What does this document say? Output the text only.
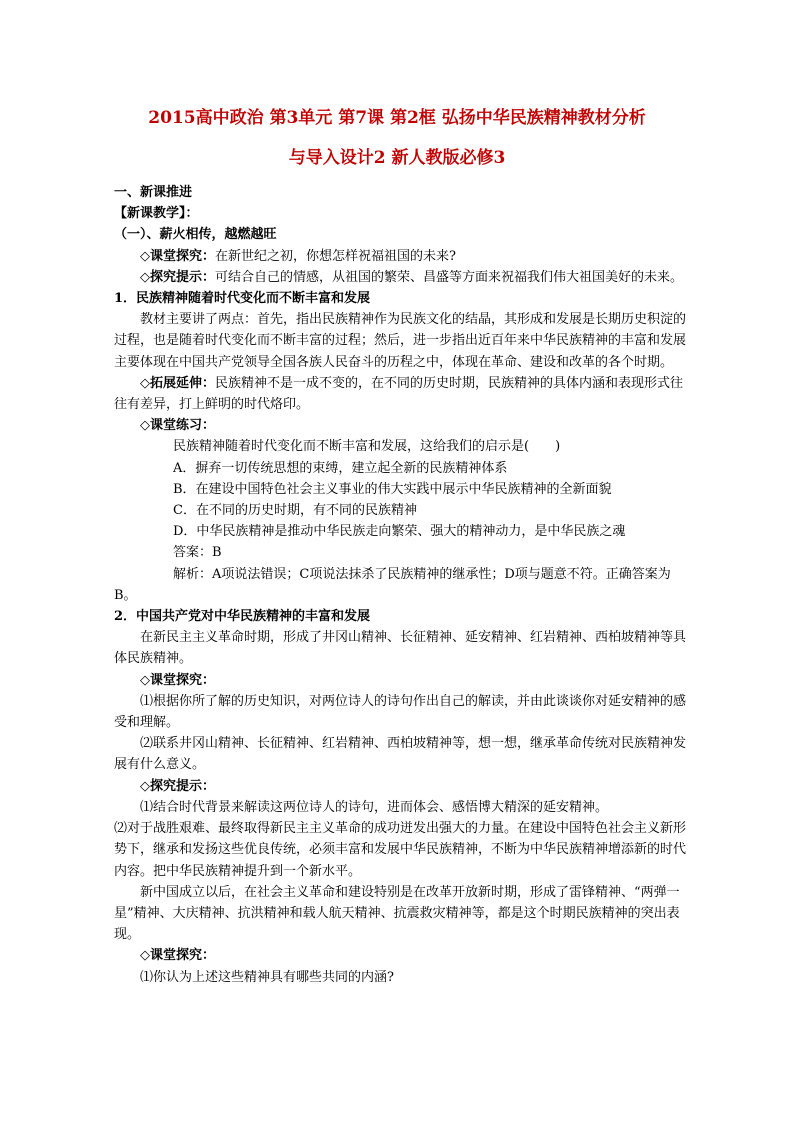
2015高中政治 第3单元 第7课 第2框 弘扬中华民族精神教材分析
与导入设计2 新人教版必修3

一、新课推进

【新课教学】：

（一）、薪火相传，越燃越旺

◇课堂探究：在新世纪之初，你想怎样祝福祖国的未来?

◇探究提示：可结合自己的情感，从祖国的繁荣、昌盛等方面来祝福我们伟大祖国美好的未来。

1．民族精神随着时代变化而不断丰富和发展

教材主要讲了两点：首先，指出民族精神作为民族文化的结晶，其形成和发展是长期历史积淀的过程，也是随着时代变化而不断丰富的过程；然后，进一步指出近百年来中华民族精神的丰富和发展主要体现在中国共产党领导全国各族人民奋斗的历程之中，体现在革命、建设和改革的各个时期。

◇拓展延伸：民族精神不是一成不变的，在不同的历史时期，民族精神的具体内涵和表现形式往往有差异，打上鲜明的时代烙印。

◇课堂练习：

民族精神随着时代变化而不断丰富和发展，这给我们的启示是(　　)

A．摒弃一切传统思想的束缚，建立起全新的民族精神体系

B．在建设中国特色社会主义事业的伟大实践中展示中华民族精神的全新面貌

C．在不同的历史时期，有不同的民族精神

D．中华民族精神是推动中华民族走向繁荣、强大的精神动力，是中华民族之魂

答案：B

解析：A项说法错误；C项说法抹杀了民族精神的继承性；D项与题意不符。正确答案为B。

2．中国共产党对中华民族精神的丰富和发展

在新民主主义革命时期，形成了井冈山精神、长征精神、延安精神、红岩精神、西柏坡精神等具体民族精神。

◇课堂探究：

⑴根据你所了解的历史知识，对两位诗人的诗句作出自己的解读，并由此谈谈你对延安精神的感受和理解。

⑵联系井冈山精神、长征精神、红岩精神、西柏坡精神等，想一想，继承革命传统对民族精神发展有什么意义。

◇探究提示：

⑴结合时代背景来解读这两位诗人的诗句，进而体会、感悟博大精深的延安精神。

⑵对于战胜艰难、最终取得新民主主义革命的成功迸发出强大的力量。在建设中国特色社会主义新形势下，继承和发扬这些优良传统，必须丰富和发展中华民族精神，不断为中华民族精神增添新的时代内容。把中华民族精神提升到一个新水平。

新中国成立以后，在社会主义革命和建设特别是在改革开放新时期，形成了雷锋精神、“两弹一星”精神、大庆精神、抗洪精神和载人航天精神、抗震救灾精神等，都是这个时期民族精神的突出表现。

◇课堂探究：

⑴你认为上述这些精神具有哪些共同的内涵?
